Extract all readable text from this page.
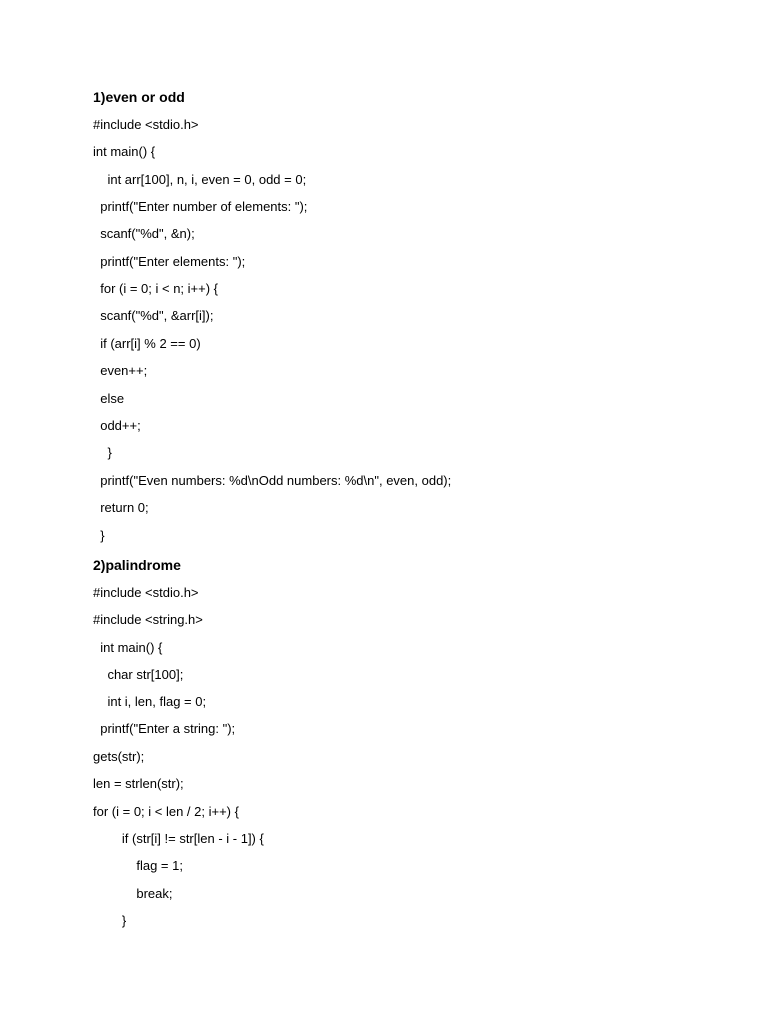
1)even or odd
#include <stdio.h>
int main() {
int arr[100], n, i, even = 0, odd = 0;
printf("Enter number of elements: ");
scanf("%d", &n);
printf("Enter elements: ");
for (i = 0; i < n; i++) {
scanf("%d", &arr[i]);
if (arr[i] % 2 == 0)
even++;
else
odd++;
}
printf("Even numbers: %d\nOdd numbers: %d\n", even, odd);
return 0;
}
2)palindrome
#include <stdio.h>
#include <string.h>
int main() {
char str[100];
int i, len, flag = 0;
printf("Enter a string: ");
gets(str);
len = strlen(str);
for (i = 0; i < len / 2; i++) {
if (str[i] != str[len - i - 1]) {
flag = 1;
break;
}
